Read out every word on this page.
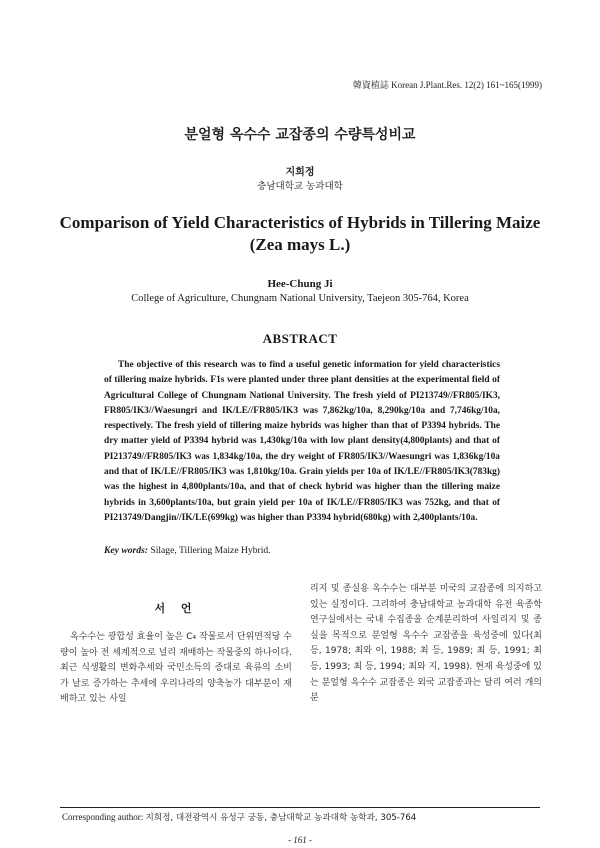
韓資植誌 Korean J.Plant.Res. 12(2) 161~165(1999)
분얼형 옥수수 교잡종의 수량특성비교
지희정
충남대학교 농과대학
Comparison of Yield Characteristics of Hybrids in Tillering Maize
(Zea mays L.)
Hee-Chung Ji
College of Agriculture, Chungnam National University, Taejeon 305-764, Korea
ABSTRACT

The objective of this research was to find a useful genetic information for yield characteristics of tillering maize hybrids. F1s were planted under three plant densities at the experimental field of Agricultural College of Chungnam National University. The fresh yield of PI213749//FR805/IK3, FR805/IK3//Waesungri and IK/LE//FR805/IK3 was 7,862kg/10a, 8,290kg/10a and 7,746kg/10a, respectively. The fresh yield of tillering maize hybrids was higher than that of P3394 hybrids. The dry matter yield of P3394 hybrid was 1,430kg/10a with low plant density(4,800plants) and that of PI213749//FR805/IK3 was 1,834kg/10a, the dry weight of FR805/IK3//Waesungri was 1,836kg/10a and that of IK/LE//FR805/IK3 was 1,810kg/10a. Grain yields per 10a of IK/LE//FR805/IK3(783kg) was the highest in 4,800plants/10a, and that of check hybrid was higher than the tillering maize hybrids in 3,600plants/10a, but grain yield per 10a of IK/LE//FR805/IK3 was 752kg, and that of PI213749/Dangjin//IK/LE(699kg) was higher than P3394 hybrid(680kg) with 2,400plants/10a.

Key words: Silage, Tillering Maize Hybrid.
서 언
옥수수는 광합성 효율이 높은 C₄ 작물로서 단위면적당 수량이 높아 전 세계적으로 널리 재배하는 작물중의 하나이다. 최근 식생활의 변화추세와 국민소득의 증대로 육류의 소비가 날로 증가하는 추세에 우리나라의 양축농가 대부분이 재배하고 있는 사일
리지 및 종실용 옥수수는 대부분 미국의 교잡종에 의지하고 있는 실정이다. 그리하여 충남대학교 농과대학 유전 육종학 연구실에서는 국내 수집종을 순계분리하여 사일리지 및 종실을 목적으로 분얼형 옥수수 교잡종을 육성중에 있다(최 등, 1978; 최와 이, 1988; 최 등, 1989; 최 등, 1991; 최 등, 1993; 최 등, 1994; 최와 지, 1998). 현재 육성중에 있는 분얼형 옥수수 교잡종은 외국 교잡종과는 달리 여러 개의 분
Corresponding author: 지희정, 대전광역시 유성구 궁동, 충남대학교 농과대학 농학과, 305-764
- 161 -
